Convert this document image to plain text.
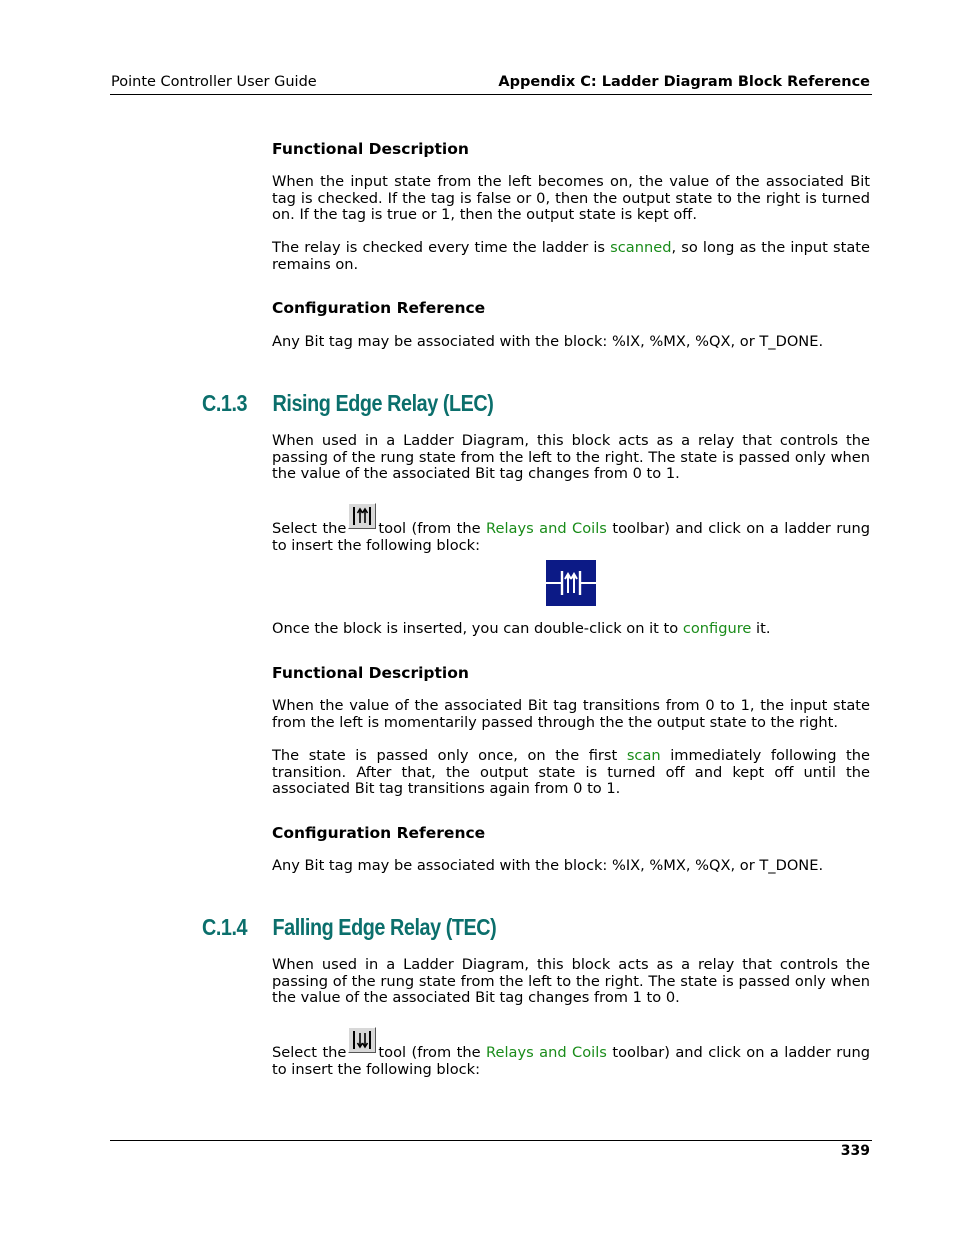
Pointe Controller User Guide	Appendix C: Ladder Diagram Block Reference

Functional Description

When the input state from the left becomes on, the value of the associated Bit tag is checked. If the tag is false or 0, then the output state to the right is turned on. If the tag is true or 1, then the output state is kept off.

The relay is checked every time the ladder is scanned, so long as the input state remains on.

Configuration Reference

Any Bit tag may be associated with the block: %IX, %MX, %QX, or T_DONE.

C.1.3 Rising Edge Relay (LEC)

When used in a Ladder Diagram, this block acts as a relay that controls the passing of the rung state from the left to the right. The state is passed only when the value of the associated Bit tag changes from 0 to 1.

Select the tool (from the Relays and Coils toolbar) and click on a ladder rung to insert the following block:

Once the block is inserted, you can double-click on it to configure it.

Functional Description

When the value of the associated Bit tag transitions from 0 to 1, the input state from the left is momentarily passed through the the output state to the right.

The state is passed only once, on the first scan immediately following the transition. After that, the output state is turned off and kept off until the associated Bit tag transitions again from 0 to 1.

Configuration Reference

Any Bit tag may be associated with the block: %IX, %MX, %QX, or T_DONE.

C.1.4 Falling Edge Relay (TEC)

When used in a Ladder Diagram, this block acts as a relay that controls the passing of the rung state from the left to the right. The state is passed only when the value of the associated Bit tag changes from 1 to 0.

Select the tool (from the Relays and Coils toolbar) and click on a ladder rung to insert the following block:

339
